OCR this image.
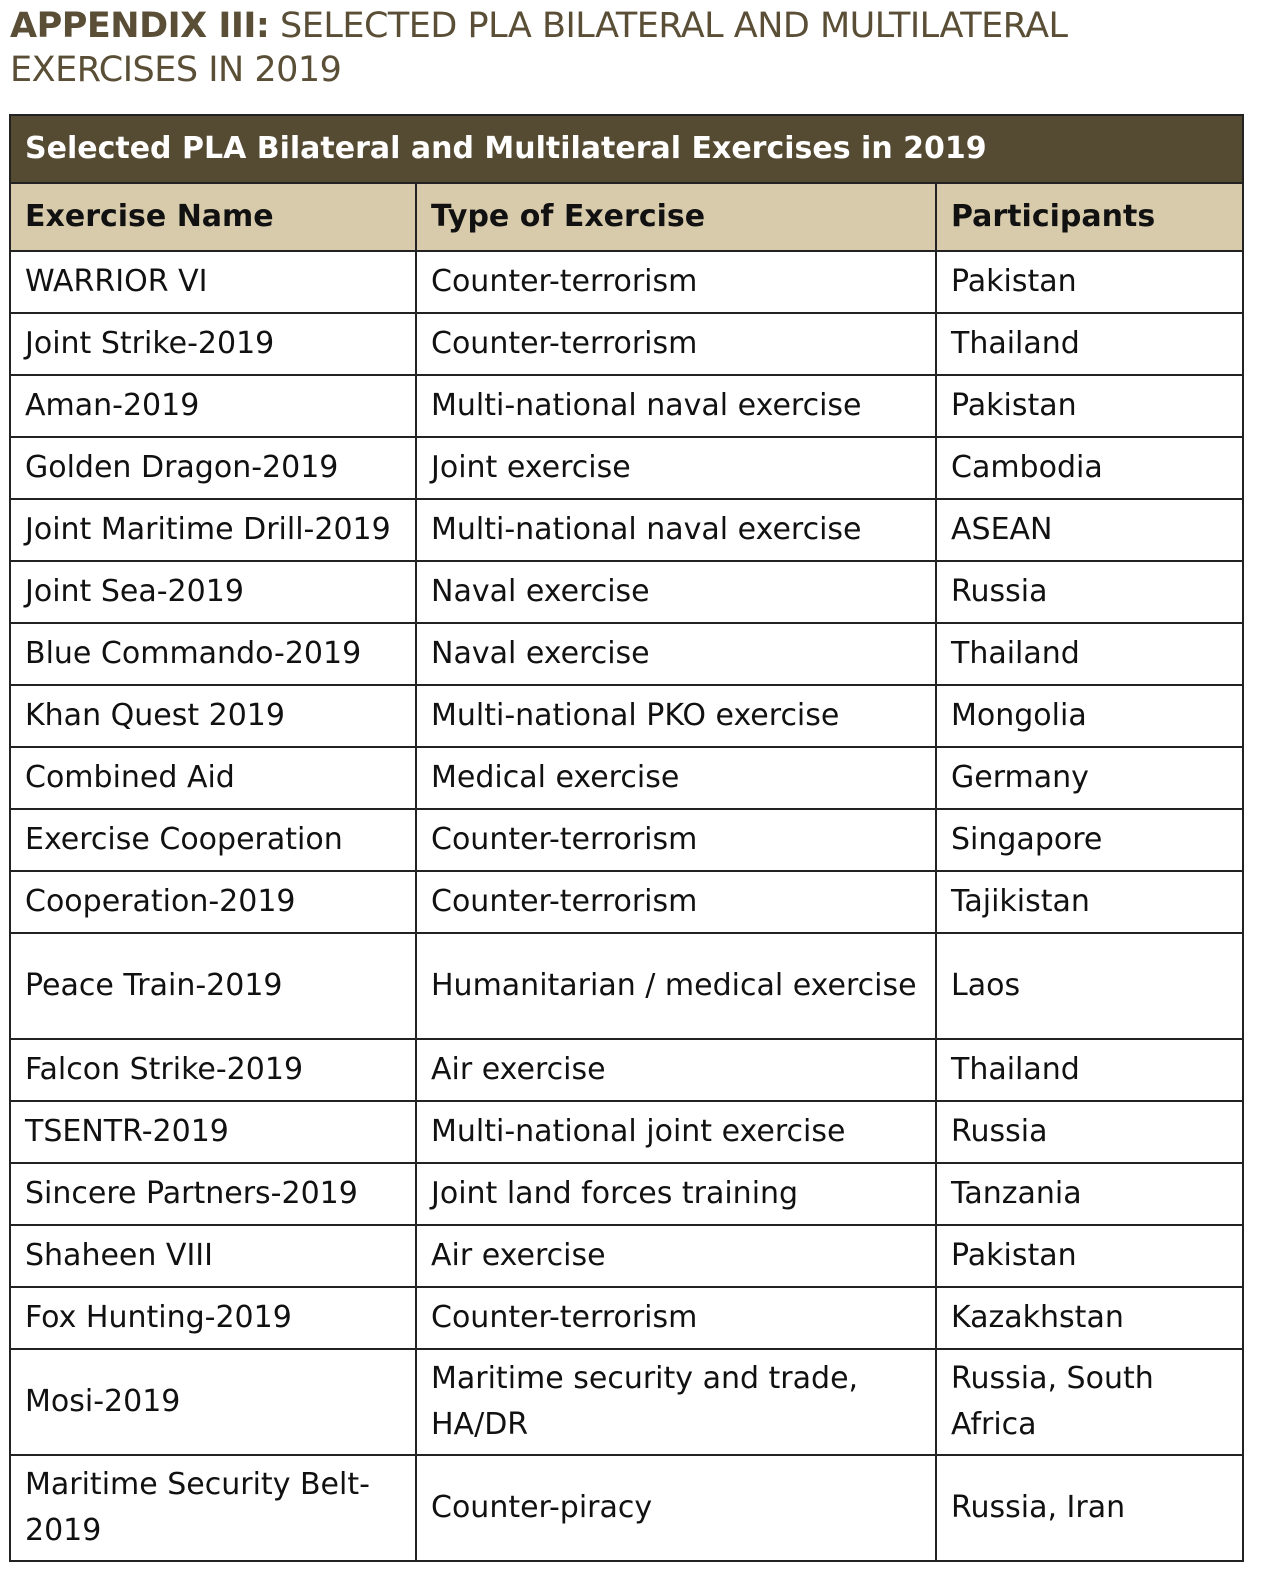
APPENDIX III: SELECTED PLA BILATERAL AND MULTILATERAL EXERCISES IN 2019
Selected PLA Bilateral and Multilateral Exercises in 2019		
Exercise Name	Type of Exercise	Participants
WARRIOR VI	Counter-terrorism	Pakistan
Joint Strike-2019	Counter-terrorism	Thailand
Aman-2019	Multi-national naval exercise	Pakistan
Golden Dragon-2019	Joint exercise	Cambodia
Joint Maritime Drill-2019	Multi-national naval exercise	ASEAN
Joint Sea-2019	Naval exercise	Russia
Blue Commando-2019	Naval exercise	Thailand
Khan Quest 2019	Multi-national PKO exercise	Mongolia
Combined Aid	Medical exercise	Germany
Exercise Cooperation	Counter-terrorism	Singapore
Cooperation-2019	Counter-terrorism	Tajikistan
Peace Train-2019	Humanitarian / medical exercise	Laos
Falcon Strike-2019	Air exercise	Thailand
TSENTR-2019	Multi-national joint exercise	Russia
Sincere Partners-2019	Joint land forces training	Tanzania
Shaheen VIII	Air exercise	Pakistan
Fox Hunting-2019	Counter-terrorism	Kazakhstan
Mosi-2019	Maritime security and trade, HA/DR	Russia, South Africa
Maritime Security Belt-2019	Counter-piracy	Russia, Iran
